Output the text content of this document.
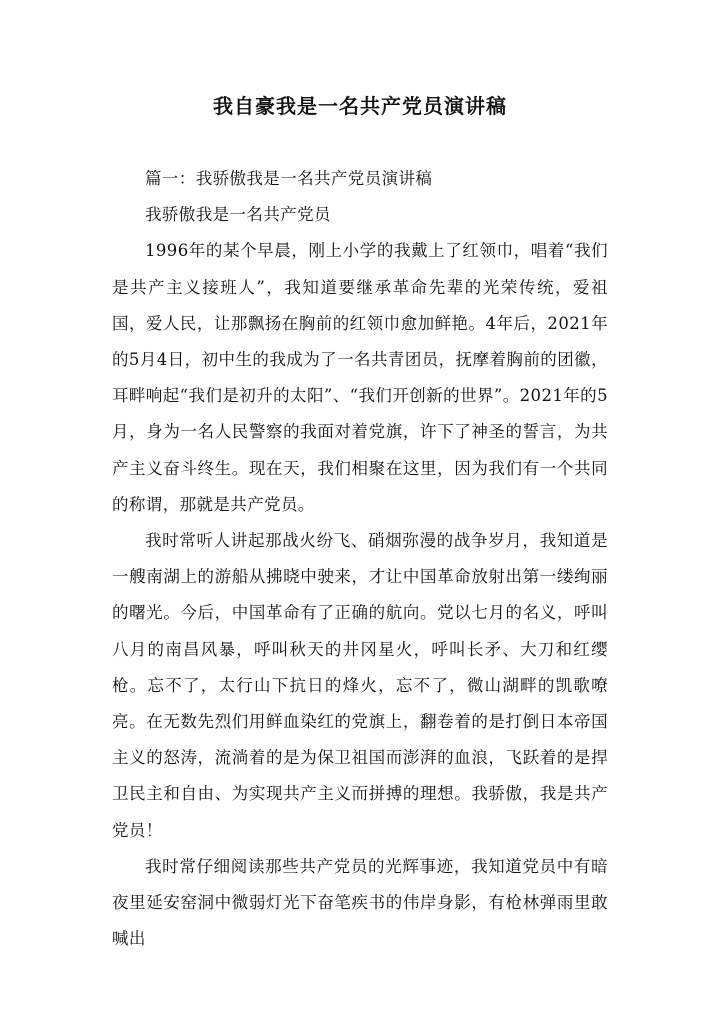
我自豪我是一名共产党员演讲稿

篇一：我骄傲我是一名共产党员演讲稿

我骄傲我是一名共产党员

1996年的某个早晨，刚上小学的我戴上了红领巾，唱着“我们是共产主义接班人”，我知道要继承革命先辈的光荣传统，爱祖国，爱人民，让那飘扬在胸前的红领巾愈加鲜艳。4年后，2021年的5月4日，初中生的我成为了一名共青团员，抚摩着胸前的团徽，耳畔响起“我们是初升的太阳”、“我们开创新的世界”。2021年的5月，身为一名人民警察的我面对着党旗，许下了神圣的誓言，为共产主义奋斗终生。现在天，我们相聚在这里，因为我们有一个共同的称谓，那就是共产党员。

我时常听人讲起那战火纷飞、硝烟弥漫的战争岁月，我知道是一艘南湖上的游船从拂晓中驶来，才让中国革命放射出第一缕绚丽的曙光。今后，中国革命有了正确的航向。党以七月的名义，呼叫八月的南昌风暴，呼叫秋天的井冈星火，呼叫长矛、大刀和红缨枪。忘不了，太行山下抗日的烽火，忘不了，微山湖畔的凯歌嘹亮。在无数先烈们用鲜血染红的党旗上，翻卷着的是打倒日本帝国主义的怒涛，流淌着的是为保卫祖国而澎湃的血浪，飞跃着的是捍卫民主和自由、为实现共产主义而拼搏的理想。我骄傲，我是共产党员！

我时常仔细阅读那些共产党员的光辉事迹，我知道党员中有暗夜里延安窑洞中微弱灯光下奋笔疾书的伟岸身影，有枪林弹雨里敢喊出
